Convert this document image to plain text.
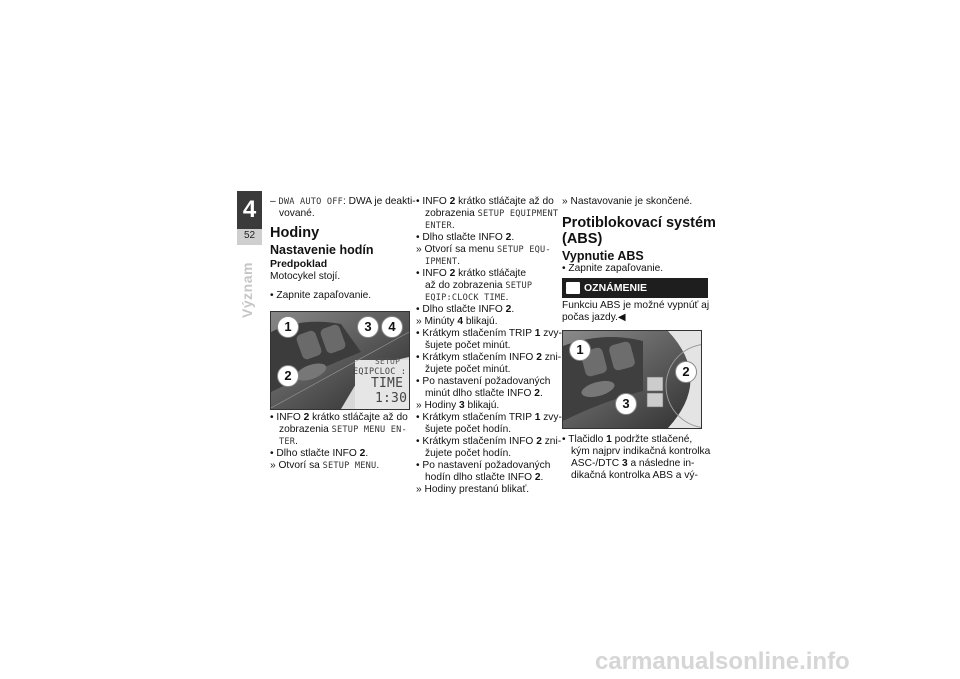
4
52
Význam
– DWA AUTO OFF: DWA je deakti-
vované.
Hodiny
Nastavenie hodín
Predpoklad
Motocykel stojí.
• Zapnite zapaľovanie.
SETUP
EQIPCLOC :
TIME
1:30
1	3	4
2
• INFO 2 krátko stláčajte až do
zobrazenia SETUP MENU EN-
TER.
• Dlho stlačte INFO 2.
» Otvorí sa SETUP MENU.
• INFO 2 krátko stláčajte až do
zobrazenia SETUP EQUIPMENT
ENTER.
• Dlho stlačte INFO 2.
» Otvorí sa menu SETUP EQU-
IPMENT.
• INFO 2 krátko stláčajte
až do zobrazenia SETUP
EQIP:CLOCK TIME.
• Dlho stlačte INFO 2.
» Minúty 4 blikajú.
• Krátkym stlačením TRIP 1 zvy-
šujete počet minút.
• Krátkym stlačením INFO 2 zni-
žujete počet minút.
• Po nastavení požadovaných
minút dlho stlačte INFO 2.
» Hodiny 3 blikajú.
• Krátkym stlačením TRIP 1 zvy-
šujete počet hodín.
• Krátkym stlačením INFO 2 zni-
žujete počet hodín.
• Po nastavení požadovaných
hodín dlho stlačte INFO 2.
» Hodiny prestanú blikať.
» Nastavovanie je skončené.
Protiblokovací systém
(ABS)
Vypnutie ABS
• Zapnite zapaľovanie.
OZNÁMENIE
Funkciu ABS je možné vypnúť aj
počas jazdy.◀
1
2
3
• Tlačidlo 1 podržte stlačené,
kým najprv indikačná kontrolka
ASC-/DTC 3 a následne in-
dikačná kontrolka ABS a vý-
carmanualsonline.info
